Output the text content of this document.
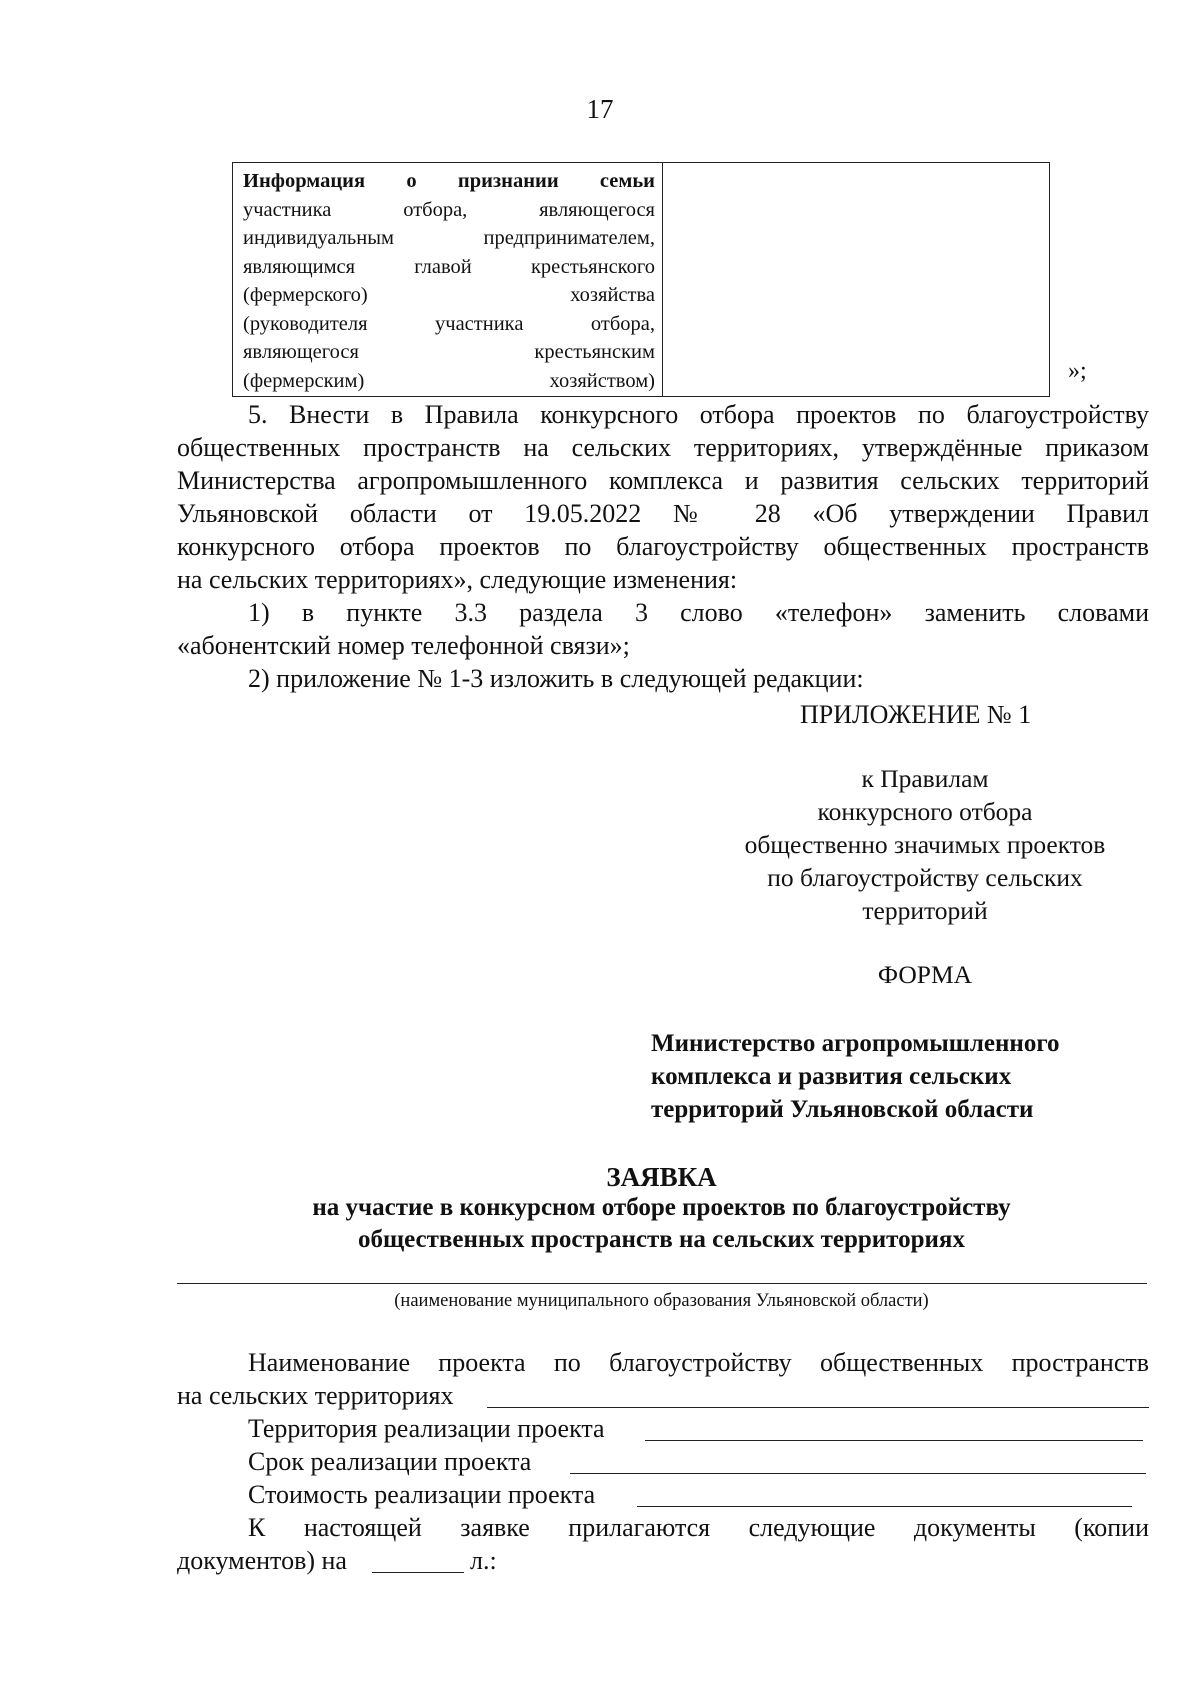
17
Информация о признании семьи
участника отбора, являющегося
индивидуальным предпринимателем,
являющимся главой крестьянского
(фермерского) хозяйства
(руководителя участника отбора,
являющегося крестьянским
(фермерским) хозяйством)	»;
5. Внести в Правила конкурсного отбора проектов по благоустройству
общественных пространств на сельских территориях, утверждённые приказом
Министерства агропромышленного комплекса и развития сельских территорий
Ульяновской области от 19.05.2022 № 28 «Об утверждении Правил
конкурсного отбора проектов по благоустройству общественных пространств
на сельских территориях», следующие изменения:
1) в пункте 3.3 раздела 3 слово «телефон» заменить словами
«абонентский номер телефонной связи»;
2) приложение № 1-3 изложить в следующей редакции:
ПРИЛОЖЕНИЕ № 1
к Правилам
конкурсного отбора
общественно значимых проектов
по благоустройству сельских
территорий
ФОРМА
Министерство агропромышленного
комплекса и развития сельских
территорий Ульяновской области
ЗАЯВКА
на участие в конкурсном отборе проектов по благоустройству
общественных пространств на сельских территориях
(наименование муниципального образования Ульяновской области)
Наименование проекта по благоустройству общественных пространств
на сельских территориях
Территория реализации проекта
Срок реализации проекта
Стоимость реализации проекта
К настоящей заявке прилагаются следующие документы (копии
документов) на	л.:
